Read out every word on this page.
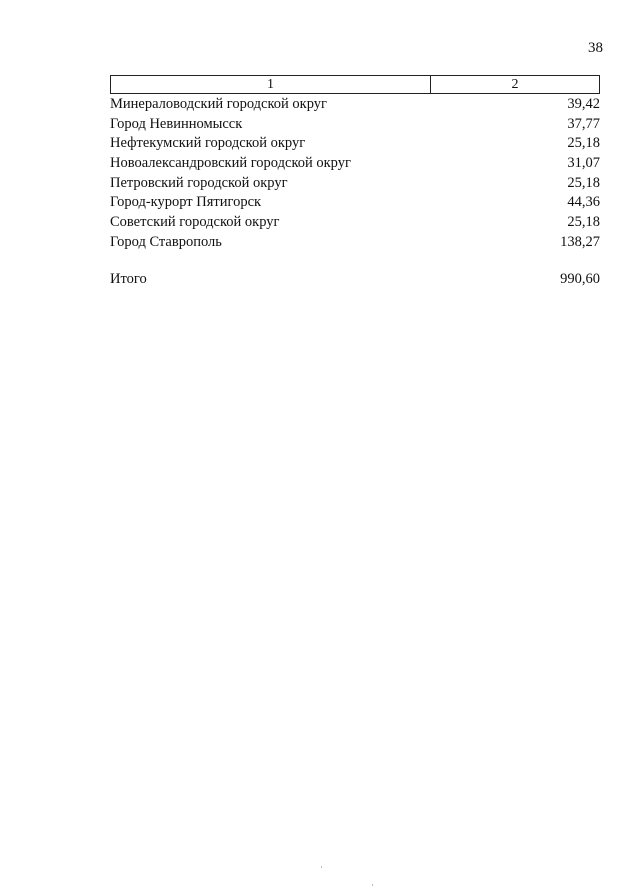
38
1	2
Минераловодский городской округ	39,42
Город Невинномысск	37,77
Нефтекумский городской округ	25,18
Новоалександровский городской округ	31,07
Петровский городской округ	25,18
Город-курорт Пятигорск	44,36
Советский городской округ	25,18
Город Ставрополь	138,27
Итого	990,60
